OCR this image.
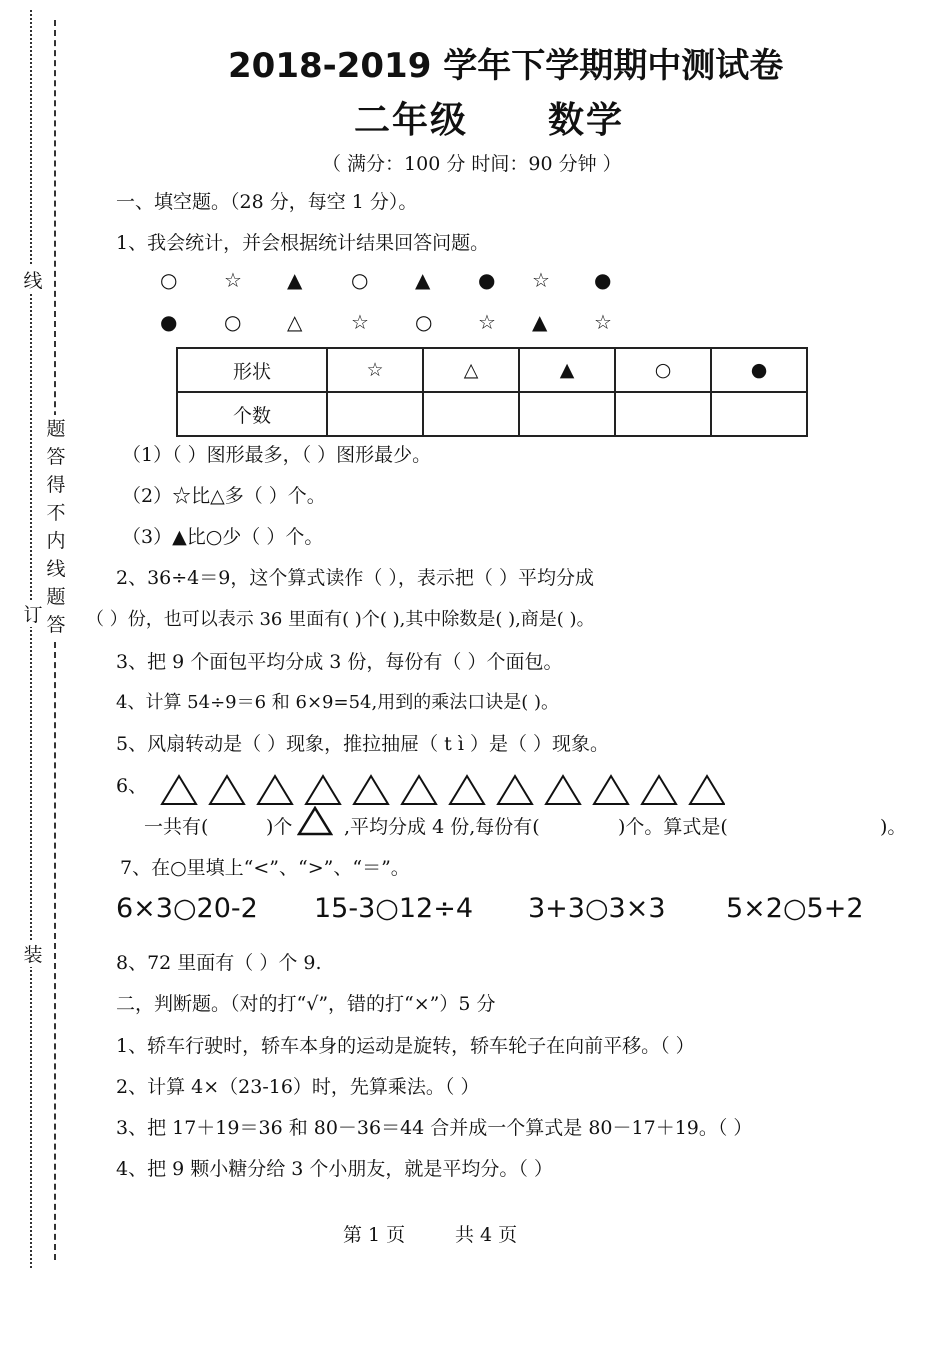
线
订
装
题
答
得
不
内
线
题
答
2018-2019 学年下学期期中测试卷
二年级 数学
（ 满分：100 分 时间：90 分钟 ）
一、填空题。（28 分，每空 1 分）。
1、我会统计，并会根据统计结果回答问题。
○ ☆ ▲ ○ ▲ ● ☆ ●
● ○ △ ☆ ○ ☆ ▲ ☆
形状	☆	△	▲	○	●
个数					
（1）（ ）图形最多，（ ）图形最少。
（2）☆比△多（ ）个。
（3）▲比○少（ ）个。
2、36÷4＝9，这个算式读作（ ），表示把（ ）平均分成
（ ）份，也可以表示 36 里面有( )个( ),其中除数是( ),商是( )。
3、把 9 个面包平均分成 3 份，每份有（ ）个面包。
4、计算 54÷9＝6 和 6×9=54,用到的乘法口诀是( )。
5、风扇转动是（ ）现象，推拉抽屉（ t ì ）是（ ）现象。
6、
一共有(	)个	,平均分成 4 份,每份有(	)个。算式是(	)。
7、在○里填上“<”、“>”、“＝”。
6×3○20-2 15-3○12÷4 3+3○3×3 5×2○5+2
8、72 里面有（ ）个 9.
二，判断题。（对的打“√”，错的打“×”）5 分
1、轿车行驶时，轿车本身的运动是旋转，轿车轮子在向前平移。（ ）
2、计算 4×（23-16）时，先算乘法。（ ）
3、把 17＋19＝36 和 80－36＝44 合并成一个算式是 80－17＋19。（ ）
4、把 9 颗小糖分给 3 个小朋友，就是平均分。（ ）
第 1 页	共 4 页
